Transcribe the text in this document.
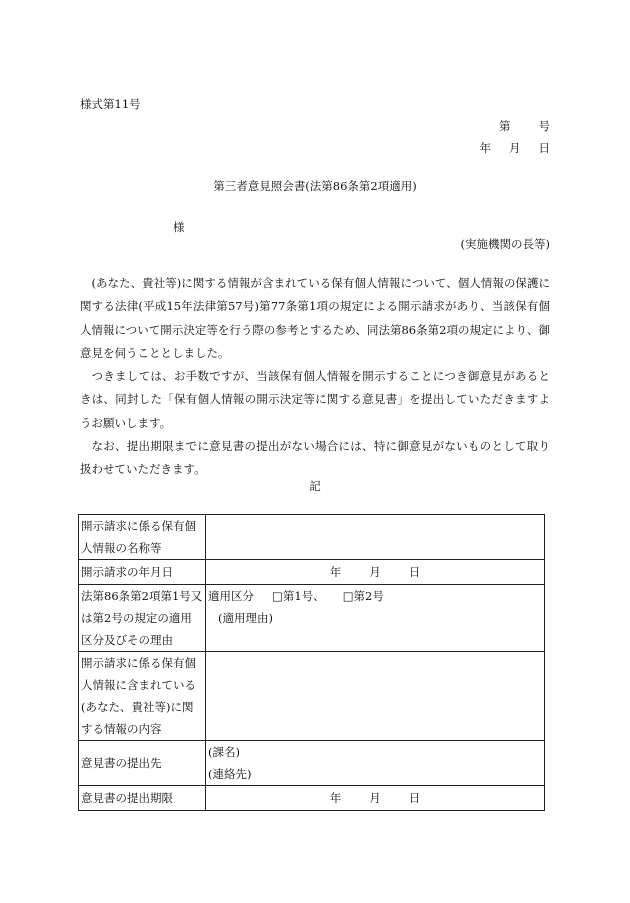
様式第11号
第 号
年 月 日
第三者意見照会書(法第86条第2項適用)
様
(実施機関の長等)

(あなた、貴社等)に関する情報が含まれている保有個人情報について、個人情報の保護に関する法律(平成15年法律第57号)第77条第1項の規定による開示請求があり、当該保有個人情報について開示決定等を行う際の参考とするため、同法第86条第2項の規定により、御意見を伺うこととしました。

つきましては、お手数ですが、当該保有個人情報を開示することにつき御意見があるときは、同封した「保有個人情報の開示決定等に関する意見書」を提出していただきますようお願いします。

なお、提出期限までに意見書の提出がない場合には、特に御意見がないものとして取り扱わせていただきます。

記
開示請求に係る保有個人情報の名称等	
開示請求の年月日	年 月 日
法第86条第2項第1号又は第2号の規定の適用区分及びその理由	適用区分 □第1号、 □第2号
(適用理由)

開示請求に係る保有個人情報に含まれている(あなた、貴社等)に関する情報の内容	
意見書の提出先	(課名)
(連絡先)

意見書の提出期限	年 月 日
